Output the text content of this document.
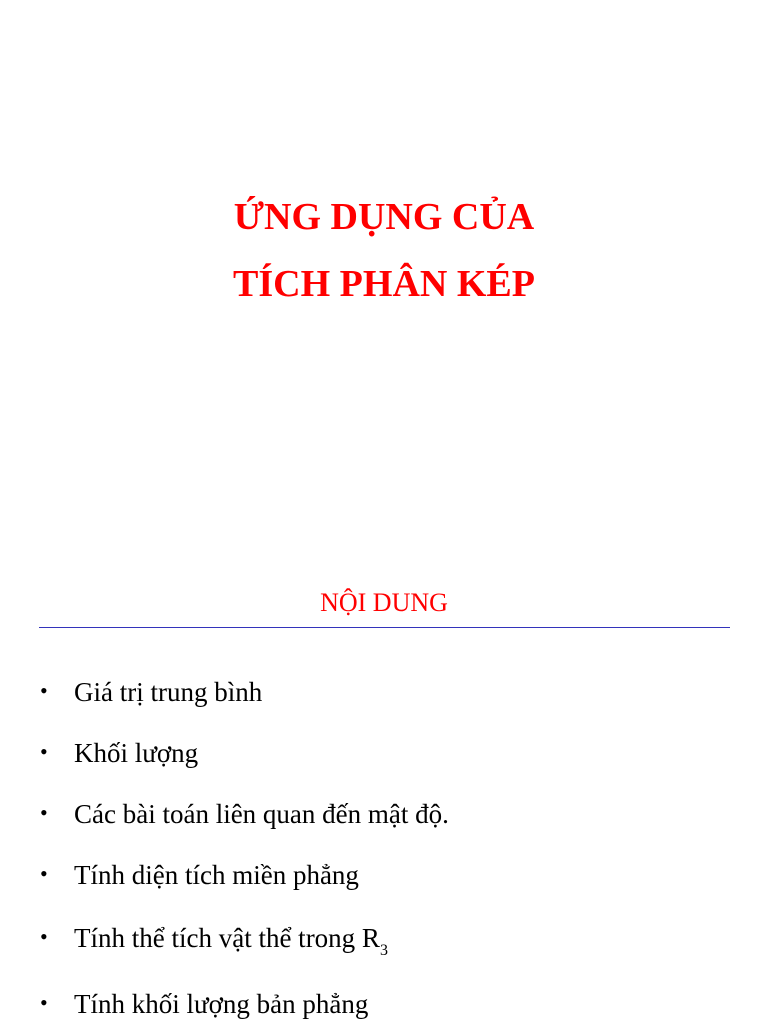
ỨNG DỤNG CỦA
TÍCH PHÂN KÉP
NỘI DUNG
• Giá trị trung bình
• Khối lượng
• Các bài toán liên quan đến mật độ.
• Tính diện tích miền phẳng
• Tính thể tích vật thể trong $R_3$
• Tính khối lượng bản phẳng
